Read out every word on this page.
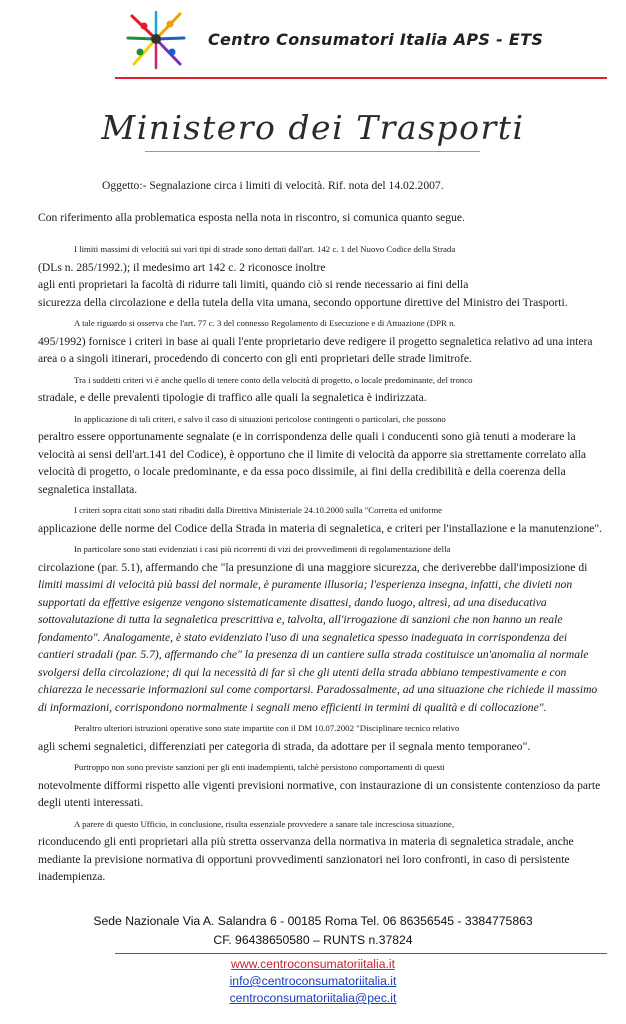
Centro Consumatori Italia APS - ETS
Ministero dei Trasporti
Oggetto:- Segnalazione circa i limiti di velocità. Rif. nota del 14.02.2007.
Con riferimento alla problematica esposta nella nota in riscontro, si comunica quanto segue.

I limiti massimi di velocità sui vari tipi di strade sono dettati dall'art. 142 c. 1 del Nuovo Codice della Strada
(DLs n. 285/1992.); il medesimo art 142 c. 2 riconosce inoltre
agli enti proprietari la facoltà di ridurre tali limiti, quando ciò si rende necessario ai fini della
sicurezza della circolazione e della tutela della vita umana, secondo opportune direttive del Ministro dei Trasporti.

A tale riguardo si osserva che l'art. 77 c. 3 del connesso Regolamento di Esecuzione e di Attuazione (DPR n.
495/1992) fornisce i criteri in base ai quali l'ente proprietario deve redigere il progetto segnaletica relativo ad una intera
area o a singoli itinerari, procedendo di concerto con gli enti proprietari delle strade limitrofe.

Tra i suddetti criteri vi è anche quello di tenere conto della velocità di progetto, o locale predominante, del tronco
stradale, e delle prevalenti tipologie di traffico alle quali la segnaletica è indirizzata.

In applicazione di tali criteri, e salvo il caso di situazioni pericolose contingenti o particolari, che possono
peraltro essere opportunamente segnalate (e in corrispondenza delle quali i conducenti sono già tenuti a moderare la
velocità ai sensi dell'art.141 del Codice), è opportuno che il limite di velocità da apporre sia strettamente correlato alla
velocità di progetto, o locale predominante, e da essa poco dissimile, ai fini della credibilità e della coerenza della
segnaletica installata.

I criteri sopra citati sono stati ribaditi dalla Direttiva Ministeriale 24.10.2000 sulla "Corretta ed uniforme
applicazione delle norme del Codice della Strada in materia di segnaletica, e criteri per l'installazione e la manutenzione".

In particolare sono stati evidenziati i casi più ricorrenti di vizi dei provvedimenti di regolamentazione della
circolazione (par. 5.1), affermando che "la presunzione di una maggiore sicurezza, che deriverebbe dall'imposizione di
limiti massimi di velocità più bassi del normale, è puramente illusoria; l'esperienza insegna, infatti, che divieti non
supportati da effettive esigenze vengono sistematicamente disattesi, dando luogo, altresì, ad una diseducativa
sottovalutazione di tutta la segnaletica prescrittiva e, talvolta, all'irrogazione di sanzioni che non hanno un reale
fondamento". Analogamente, è stato evidenziato l'uso di una segnaletica spesso inadeguata in corrispondenza dei
cantieri stradali (par. 5.7), affermando che" la presenza di un cantiere sulla strada costituisce un'anomalia al normale
svolgersi della circolazione; di qui la necessità di far sì che gli utenti della strada abbiano tempestivamente e con
chiarezza le necessarie informazioni sul come comportarsi. Paradossalmente, ad una situazione che richiede il massimo
di informazioni, corrispondono normalmente i segnali meno efficienti in termini di qualità e di collocazione".

Peraltro ulteriori istruzioni operative sono state impartite con il DM 10.07.2002 "Disciplinare tecnico relativo
agli schemi segnaletici, differenziati per categoria di strada, da adottare per il segnala mento temporaneo".

Purtroppo non sono previste sanzioni per gli enti inadempienti, talchè persistono comportamenti di questi
notevolmente difformi rispetto alle vigenti previsioni normative, con instaurazione di un consistente contenzioso da parte
degli utenti interessati.

A parere di questo Ufficio, in conclusione, risulta essenziale provvedere a sanare tale incresciosa situazione,
riconducendo gli enti proprietari alla più stretta osservanza della normativa in materia di segnaletica stradale, anche
mediante la previsione normativa di opportuni provvedimenti sanzionatori nei loro confronti, in caso di persistente
inadempienza.

Sede Nazionale Via A. Salandra 6 - 00185 Roma Tel. 06 86356545 - 3384775863
CF. 96438650580 – RUNTS n.37824
www.centroconsumatoriitalia.it
info@centroconsumatoriitalia.it
centroconsumatoriitalia@pec.it
